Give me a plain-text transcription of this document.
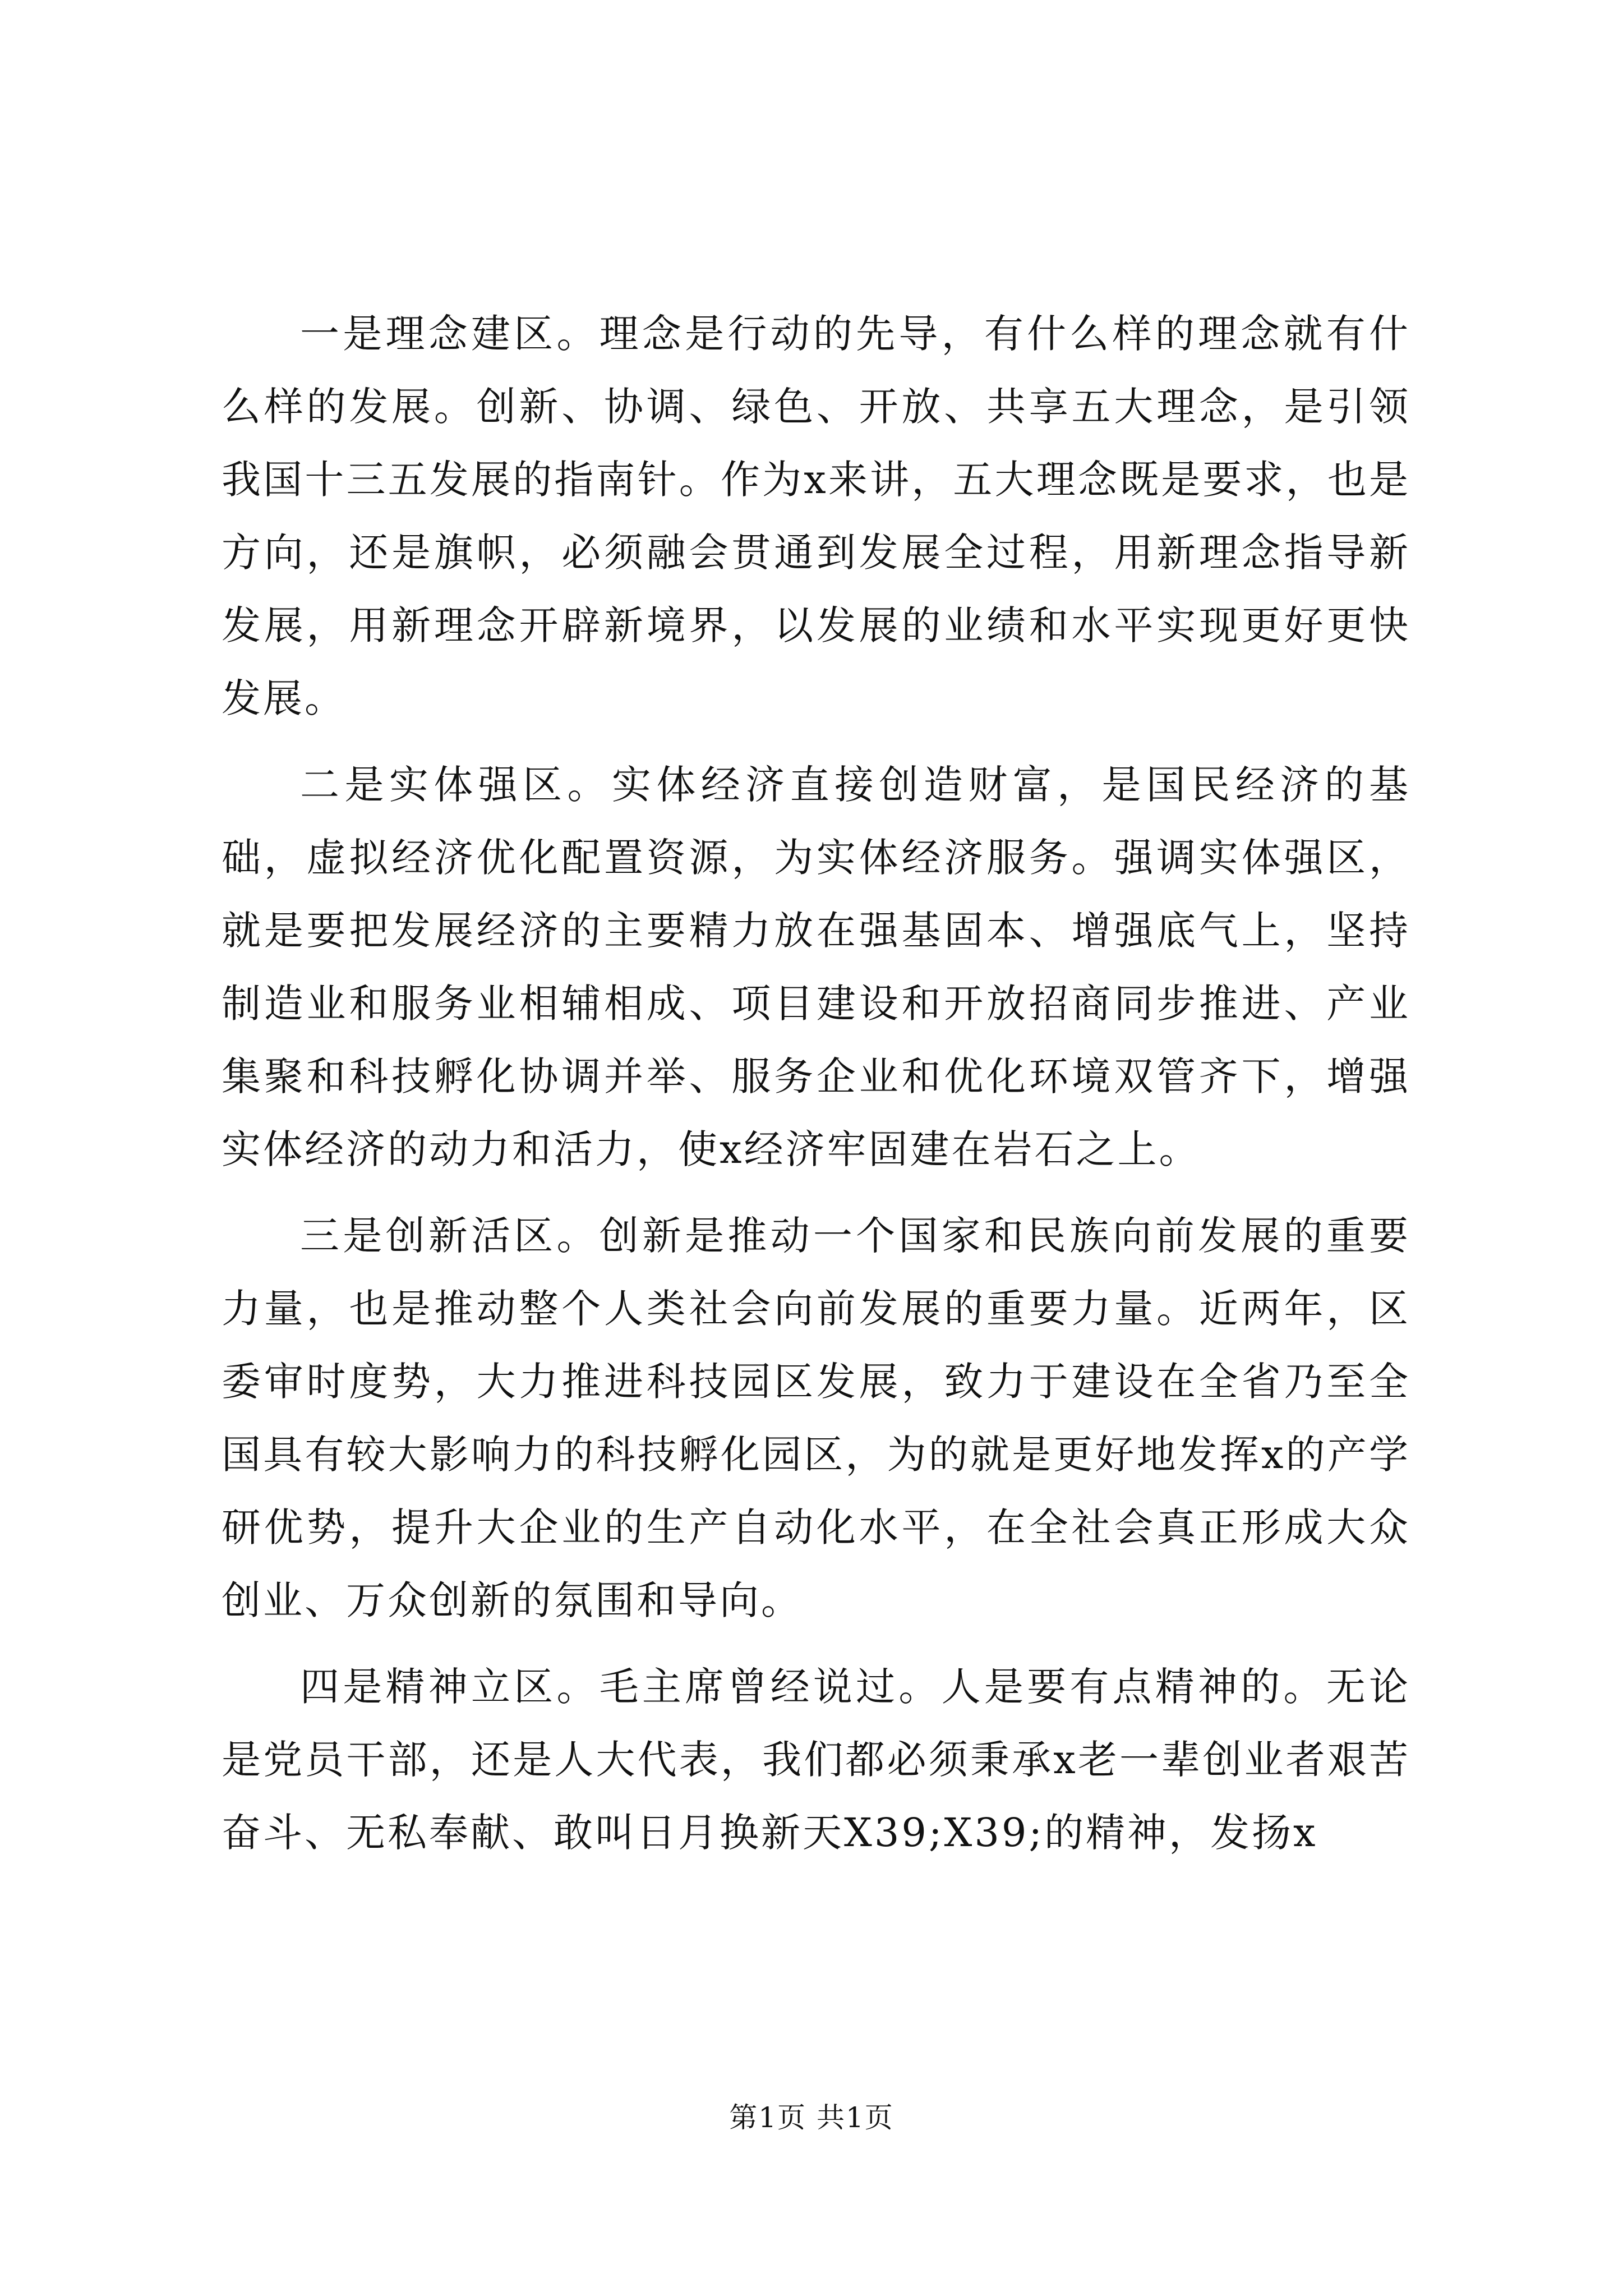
一是理念建区。理念是行动的先导，有什么样的理念就有什么样的发展。创新、协调、绿色、开放、共享五大理念，是引领我国十三五发展的指南针。作为x来讲，五大理念既是要求，也是方向，还是旗帜，必须融会贯通到发展全过程，用新理念指导新发展，用新理念开辟新境界，以发展的业绩和水平实现更好更快发展。

二是实体强区。实体经济直接创造财富，是国民经济的基础，虚拟经济优化配置资源，为实体经济服务。强调实体强区，就是要把发展经济的主要精力放在强基固本、增强底气上，坚持制造业和服务业相辅相成、项目建设和开放招商同步推进、产业集聚和科技孵化协调并举、服务企业和优化环境双管齐下，增强实体经济的动力和活力，使x经济牢固建在岩石之上。

三是创新活区。创新是推动一个国家和民族向前发展的重要力量，也是推动整个人类社会向前发展的重要力量。近两年，区委审时度势，大力推进科技园区发展，致力于建设在全省乃至全国具有较大影响力的科技孵化园区，为的就是更好地发挥x的产学研优势，提升大企业的生产自动化水平，在全社会真正形成大众创业、万众创新的氛围和导向。

四是精神立区。毛主席曾经说过。人是要有点精神的。无论是党员干部，还是人大代表，我们都必须秉承x老一辈创业者艰苦奋斗、无私奉献、敢叫日月换新天X39;X39;的精神，发扬x

第1页 共1页
